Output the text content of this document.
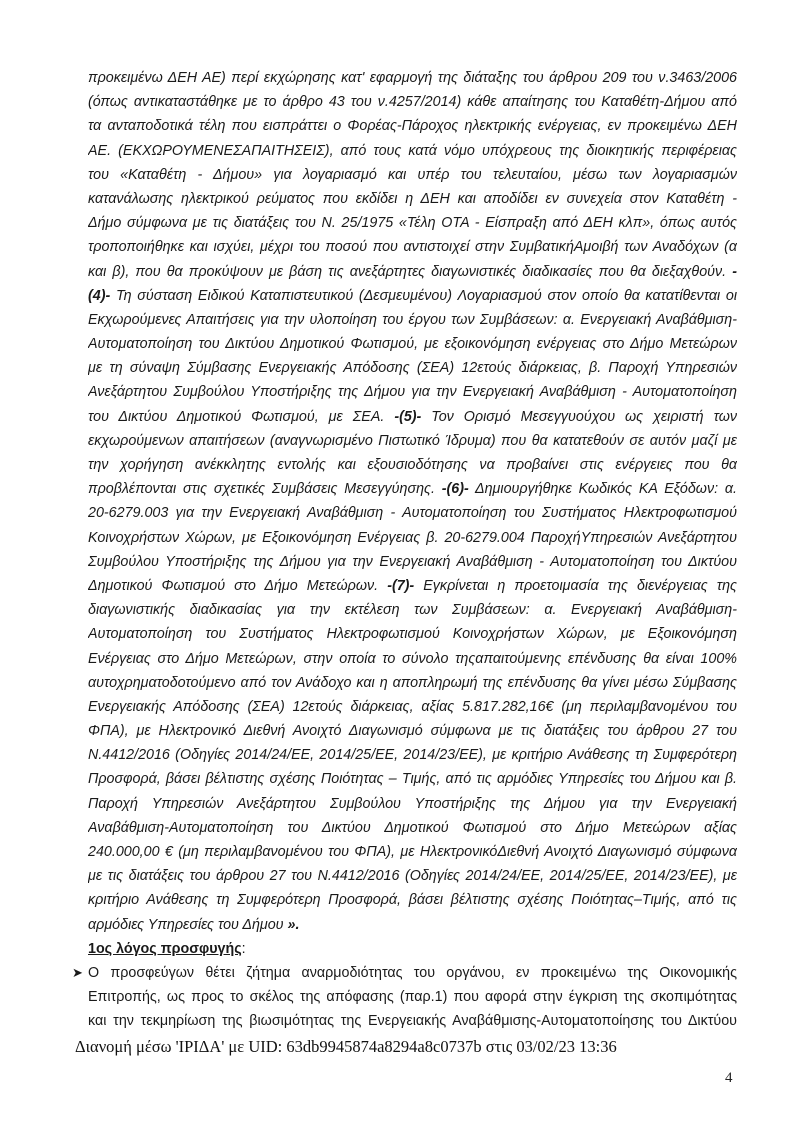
προκειμένω ΔΕΗ ΑΕ) περί εκχώρησης κατ' εφαρμογή της διάταξης του άρθρου 209 του ν.3463/2006
(όπως αντικαταστάθηκε με το άρθρο 43 του ν.4257/2014) κάθε απαίτησης του Καταθέτη-Δήμου από
τα ανταποδοτικά τέλη που εισπράττει ο Φορέας-Πάροχος ηλεκτρικής ενέργειας, εν προκειμένω ΔΕΗ
ΑΕ. (ΕΚΧΩΡΟΥΜΕΝΕΣΑΠΑΙΤΗΣΕΙΣ), από τους κατά νόμο υπόχρεους της διοικητικής περιφέρειας
του «Καταθέτη - Δήμου» για λογαριασμό και υπέρ του τελευταίου, μέσω των λογαριασμών
κατανάλωσης ηλεκτρικού ρεύματος που εκδίδει η ΔΕΗ και αποδίδει εν συνεχεία στον Καταθέτη -
Δήμο σύμφωνα με τις διατάξεις του Ν. 25/1975 «Τέλη ΟΤΑ - Είσπραξη από ΔΕΗ κλπ», όπως αυτός
τροποποιήθηκε και ισχύει, μέχρι του ποσού που αντιστοιχεί στην ΣυμβατικήΑμοιβή των Αναδόχων (α
και β), που θα προκύψουν με βάση τις ανεξάρτητες διαγωνιστικές διαδικασίες που θα διεξαχθούν. -
(4)- Τη σύσταση Ειδικού Καταπιστευτικού (Δεσμευμένου) Λογαριασμού στον οποίο θα κατατίθενται οι
Εκχωρούμενες Απαιτήσεις για την υλοποίηση του έργου των Συμβάσεων: α. Ενεργειακή Αναβάθμιση-
Αυτοματοποίηση του Δικτύου Δημοτικού Φωτισμού, με εξοικονόμηση ενέργειας στο Δήμο Μετεώρων
με τη σύναψη Σύμβασης Ενεργειακής Απόδοσης (ΣΕΑ) 12ετούς διάρκειας, β. Παροχή Υπηρεσιών
Ανεξάρτητου Συμβούλου Υποστήριξης της Δήμου για την Ενεργειακή Αναβάθμιση - Αυτοματοποίηση
του Δικτύου Δημοτικού Φωτισμού, με ΣΕΑ. -(5)- Τον Ορισμό Μεσεγγυούχου ως χειριστή των
εκχωρούμενων απαιτήσεων (αναγνωρισμένο Πιστωτικό Ίδρυμα) που θα κατατεθούν σε αυτόν μαζί με
την χορήγηση ανέκκλητης εντολής και εξουσιοδότησης να προβαίνει στις ενέργειες που θα
προβλέπονται στις σχετικές Συμβάσεις Μεσεγγύησης. -(6)- Δημιουργήθηκε Κωδικός ΚΑ Εξόδων: α.
20-6279.003 για την Ενεργειακή Αναβάθμιση - Αυτοματοποίηση του Συστήματος Ηλεκτροφωτισμού
Κοινοχρήστων Χώρων, με Εξοικονόμηση Ενέργειας β. 20-6279.004 ΠαροχήΥπηρεσιών Ανεξάρτητου
Συμβούλου Υποστήριξης της Δήμου για την Ενεργειακή Αναβάθμιση - Αυτοματοποίηση του Δικτύου
Δημοτικού Φωτισμού στο Δήμο Μετεώρων. -(7)- Εγκρίνεται η προετοιμασία της διενέργειας της
διαγωνιστικής διαδικασίας για την εκτέλεση των Συμβάσεων: α. Ενεργειακή Αναβάθμιση-
Αυτοματοποίηση του Συστήματος Ηλεκτροφωτισμού Κοινοχρήστων Χώρων, με Εξοικονόμηση
Ενέργειας στο Δήμο Μετεώρων, στην οποία το σύνολο τηςαπαιτούμενης επένδυσης θα είναι 100%
αυτοχρηματοδοτούμενο από τον Ανάδοχο και η αποπληρωμή της επένδυσης θα γίνει μέσω Σύμβασης
Ενεργειακής Απόδοσης (ΣΕΑ) 12ετούς διάρκειας, αξίας 5.817.282,16€ (μη περιλαμβανομένου του
ΦΠΑ), με Ηλεκτρονικό Διεθνή Ανοιχτό Διαγωνισμό σύμφωνα με τις διατάξεις του άρθρου 27 του
Ν.4412/2016 (Οδηγίες 2014/24/ΕΕ, 2014/25/ΕΕ, 2014/23/ΕΕ), με κριτήριο Ανάθεσης τη Συμφερότερη
Προσφορά, βάσει βέλτιστης σχέσης Ποιότητας – Τιμής, από τις αρμόδιες Υπηρεσίες του Δήμου και β.
Παροχή Υπηρεσιών Ανεξάρτητου Συμβούλου Υποστήριξης της Δήμου για την Ενεργειακή
Αναβάθμιση-Αυτοματοποίηση του Δικτύου Δημοτικού Φωτισμού στο Δήμο Μετεώρων αξίας
240.000,00 € (μη περιλαμβανομένου του ΦΠΑ), με ΗλεκτρονικόΔιεθνή Ανοιχτό Διαγωνισμό σύμφωνα
με τις διατάξεις του άρθρου 27 του Ν.4412/2016 (Οδηγίες 2014/24/ΕΕ, 2014/25/ΕΕ, 2014/23/ΕΕ), με
κριτήριο Ανάθεσης τη Συμφερότερη Προσφορά, βάσει βέλτιστης σχέσης Ποιότητας–Τιμής, από τις
αρμόδιες Υπηρεσίες του Δήμου ».
1ος λόγος προσφυγής:
➤ Ο προσφεύγων θέτει ζήτημα αναρμοδιότητας του οργάνου, εν προκειμένω της Οικονομικής
Επιτροπής, ως προς το σκέλος της απόφασης (παρ.1) που αφορά στην έγκριση της σκοπιμότητας
και την τεκμηρίωση της βιωσιμότητας της Ενεργειακής Αναβάθμισης-Αυτοματοποίησης του Δικτύου
Διανομή μέσω 'ΙΡΙΔΑ' με UID: 63db9945874a8294a8c0737b στις 03/02/23 13:36
4
